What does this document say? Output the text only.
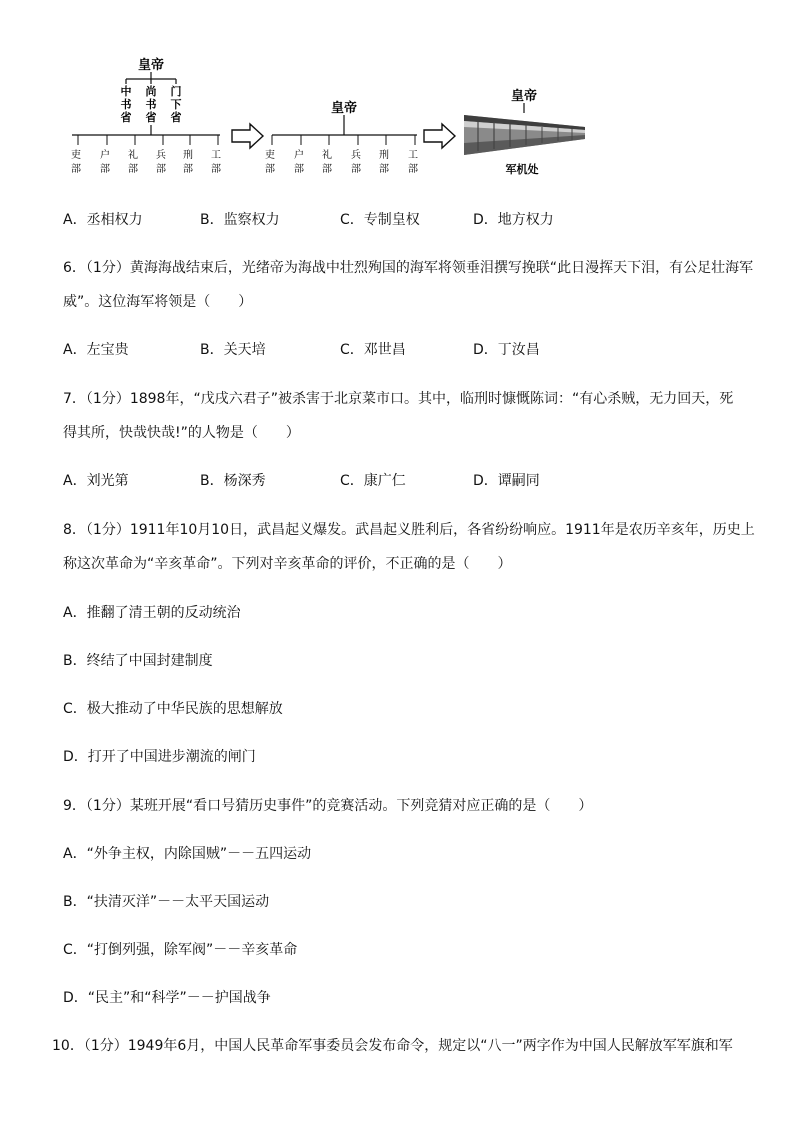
皇帝
中
书
省
尚
书
省
门
下
省
吏
部
户
部
礼
部
兵
部
刑
部
工
部
皇帝
吏
部
户
部
礼
部
兵
部
刑
部
工
部
皇帝
军机处
A．丞相权力	B．监察权力	C．专制皇权	D．地方权力
6．（1分）黄海海战结束后，光绪帝为海战中壮烈殉国的海军将领垂泪撰写挽联“此日漫挥天下泪，有公足壮海军
威”。这位海军将领是（　　）
A．左宝贵	B．关天培	C．邓世昌	D．丁汝昌
7．（1分）1898年，“戊戌六君子”被杀害于北京菜市口。其中，临刑时慷慨陈词：“有心杀贼，无力回天，死
得其所，快哉快哉!”的人物是（　　）
A．刘光第	B．杨深秀	C．康广仁	D．谭嗣同
8．（1分）1911年10月10日，武昌起义爆发。武昌起义胜利后，各省纷纷响应。1911年是农历辛亥年，历史上
称这次革命为“辛亥革命”。下列对辛亥革命的评价，不正确的是（　　）
A．推翻了清王朝的反动统治
B．终结了中国封建制度
C．极大推动了中华民族的思想解放
D．打开了中国进步潮流的闸门
9．（1分）某班开展“看口号猜历史事件”的竞赛活动。下列竞猜对应正确的是（　　）
A．“外争主权，内除国贼”－－五四运动
B．“扶清灭洋”－－太平天国运动
C．“打倒列强，除军阀”－－辛亥革命
D．“民主”和“科学”－－护国战争
10．（1分）1949年6月，中国人民革命军事委员会发布命令，规定以“八一”两字作为中国人民解放军军旗和军
